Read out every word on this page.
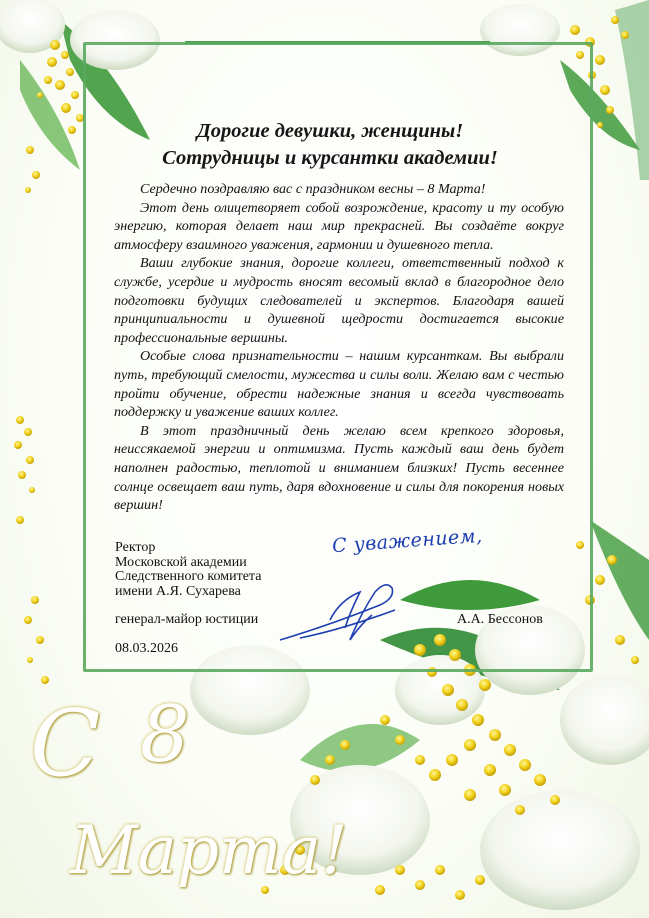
Дорогие девушки, женщины!
Сотрудницы и курсантки академии!

Сердечно поздравляю вас с праздником весны – 8 Марта!

Этот день олицетворяет собой возрождение, красоту и ту особую энергию, которая делает наш мир прекрасней. Вы создаёте вокруг атмосферу взаимного уважения, гармонии и душевного тепла.

Ваши глубокие знания, дорогие коллеги, ответственный подход к службе, усердие и мудрость вносят весомый вклад в благородное дело подготовки будущих следователей и экспертов. Благодаря вашей принципиальности и душевной щедрости достигается высокие профессиональные вершины.

Особые слова признательности – нашим курсанткам. Вы выбрали путь, требующий смелости, мужества и силы воли. Желаю вам с честью пройти обучение, обрести надежные знания и всегда чувствовать поддержку и уважение ваших коллег.

В этот праздничный день желаю всем крепкого здоровья, неиссякаемой энергии и оптимизма. Пусть каждый ваш день будет наполнен радостью, теплотой и вниманием близких! Пусть весеннее солнце освещает ваш путь, даря вдохновение и силы для покорения новых вершин!

С уважением,
Ректор
Московской академии
Следственного комитета
имени А.Я. Сухарева
генерал-майор юстиции	А.А. Бессонов
08.03.2026
С 8
Марта!
